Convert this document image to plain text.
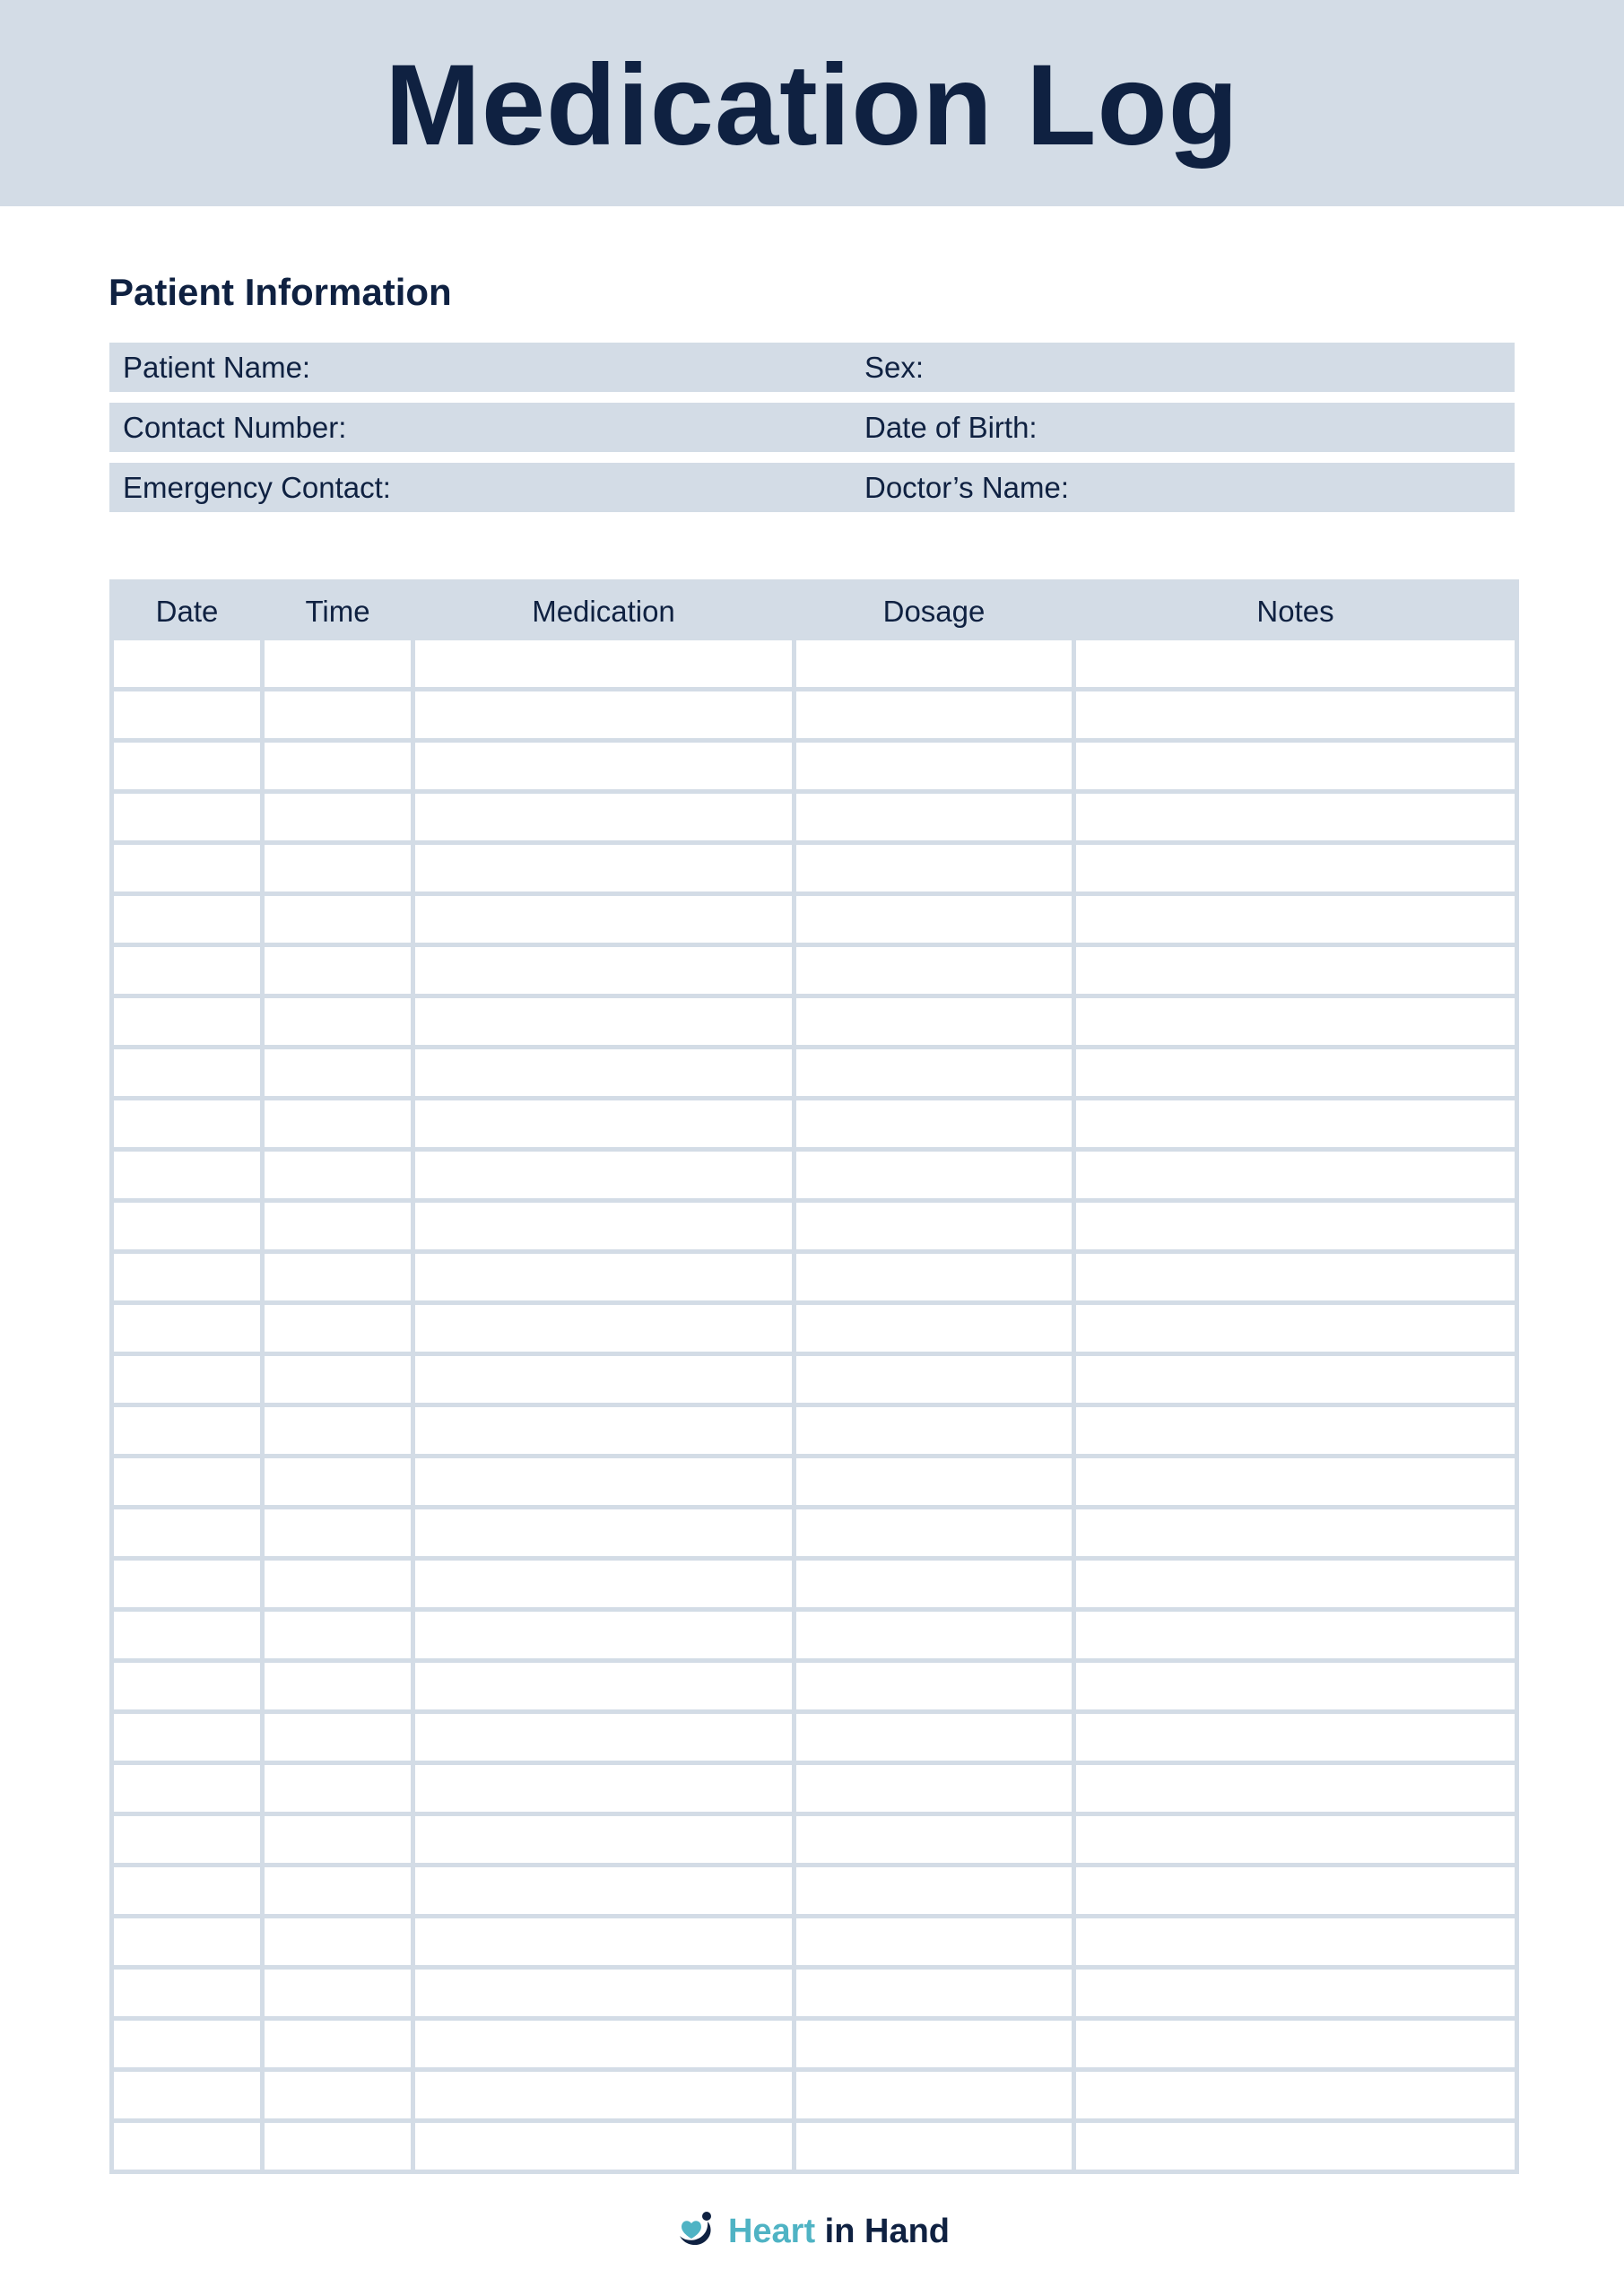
Medication Log
Patient Information
Patient Name:	Sex:
Contact Number:	Date of Birth:
Emergency Contact:	Doctor’s Name:
Date	Time	Medication	Dosage	Notes

Heart in Hand
